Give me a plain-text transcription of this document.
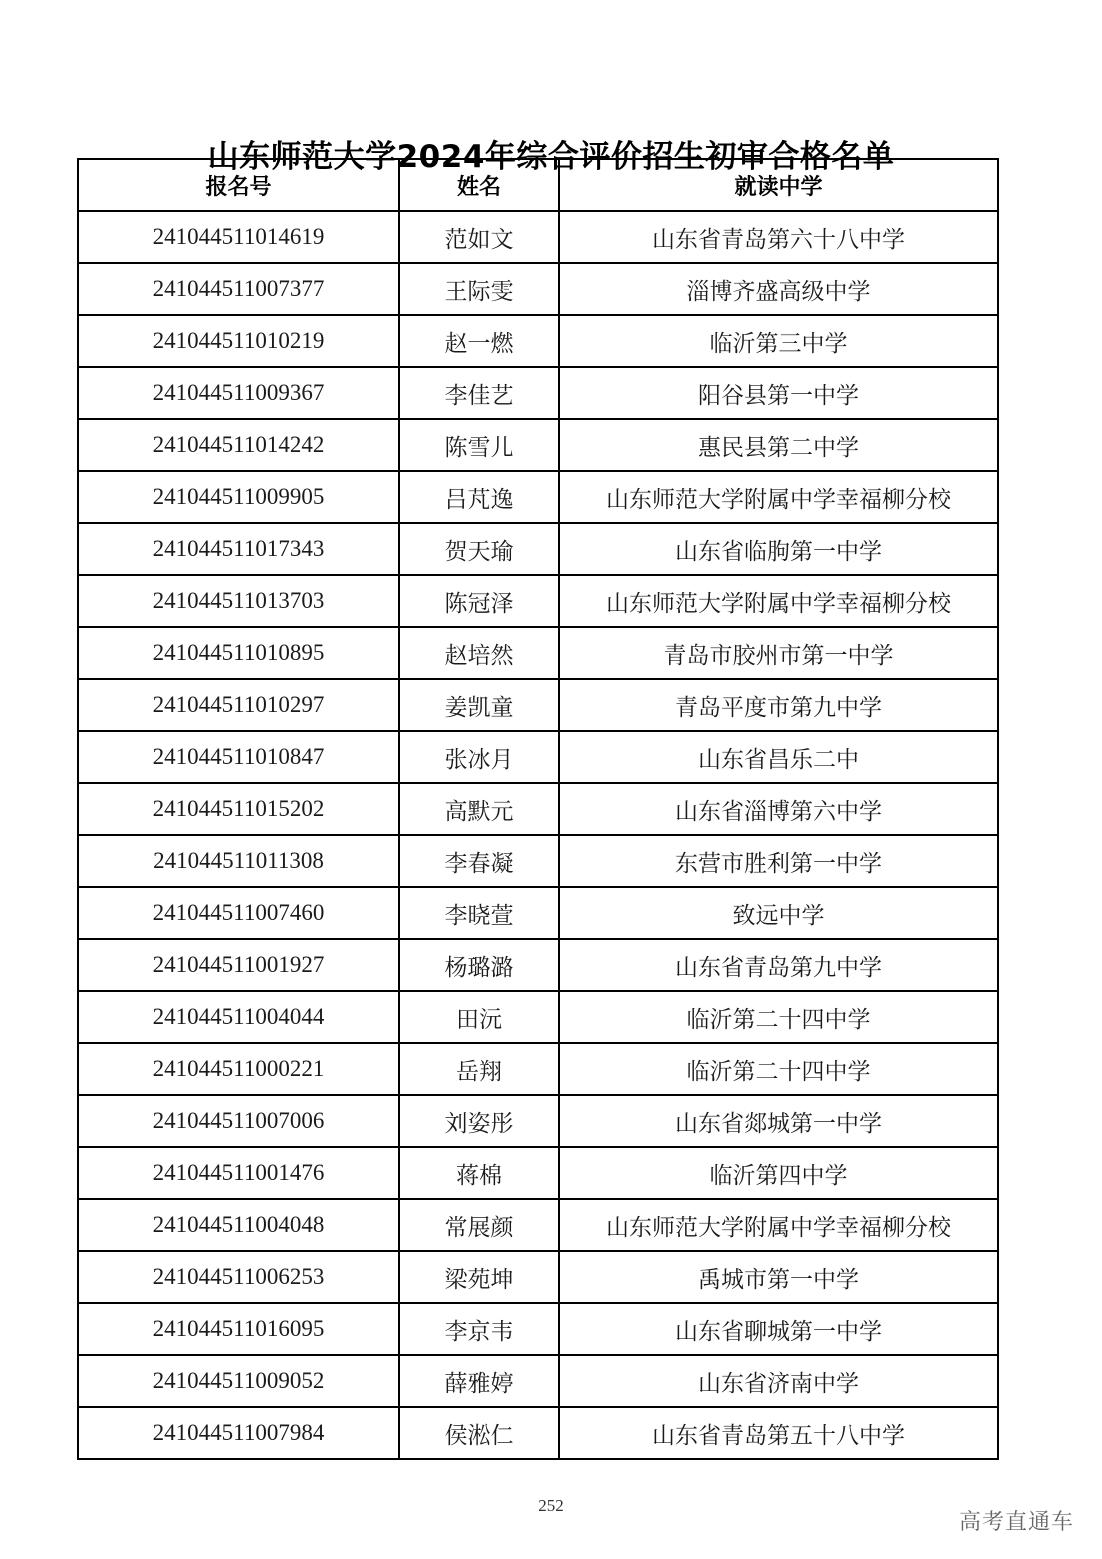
山东师范大学2024年综合评价招生初审合格名单
报名号	姓名	就读中学
241044511014619	范如文	山东省青岛第六十八中学
241044511007377	王际雯	淄博齐盛高级中学
241044511010219	赵一燃	临沂第三中学
241044511009367	李佳艺	阳谷县第一中学
241044511014242	陈雪儿	惠民县第二中学
241044511009905	吕芃逸	山东师范大学附属中学幸福柳分校
241044511017343	贺天瑜	山东省临朐第一中学
241044511013703	陈冠泽	山东师范大学附属中学幸福柳分校
241044511010895	赵培然	青岛市胶州市第一中学
241044511010297	姜凯童	青岛平度市第九中学
241044511010847	张冰月	山东省昌乐二中
241044511015202	高默元	山东省淄博第六中学
241044511011308	李春凝	东营市胜利第一中学
241044511007460	李晓萱	致远中学
241044511001927	杨璐潞	山东省青岛第九中学
241044511004044	田沅	临沂第二十四中学
241044511000221	岳翔	临沂第二十四中学
241044511007006	刘姿彤	山东省郯城第一中学
241044511001476	蒋棉	临沂第四中学
241044511004048	常展颜	山东师范大学附属中学幸福柳分校
241044511006253	梁苑坤	禹城市第一中学
241044511016095	李京韦	山东省聊城第一中学
241044511009052	薛雅婷	山东省济南中学
241044511007984	侯淞仁	山东省青岛第五十八中学
252
高考直通车
